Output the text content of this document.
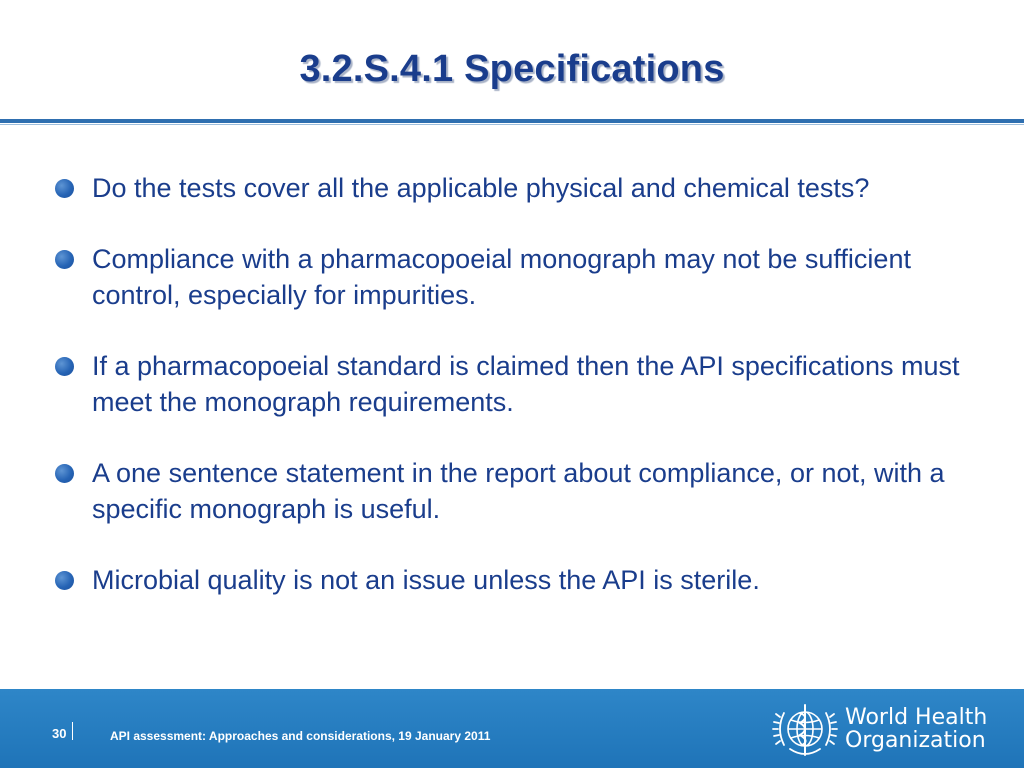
3.2.S.4.1 Specifications
Do the tests cover all the applicable physical and chemical tests?
Compliance with a pharmacopoeial monograph may not be sufficient control, especially for impurities.
If a pharmacopoeial standard is claimed then the API specifications must meet the monograph requirements.
A one sentence statement in the report about compliance, or not, with a specific monograph is useful.
Microbial quality is not an issue unless the API is sterile.
30	API assessment: Approaches and considerations, 19 January 2011
World Health
Organization
